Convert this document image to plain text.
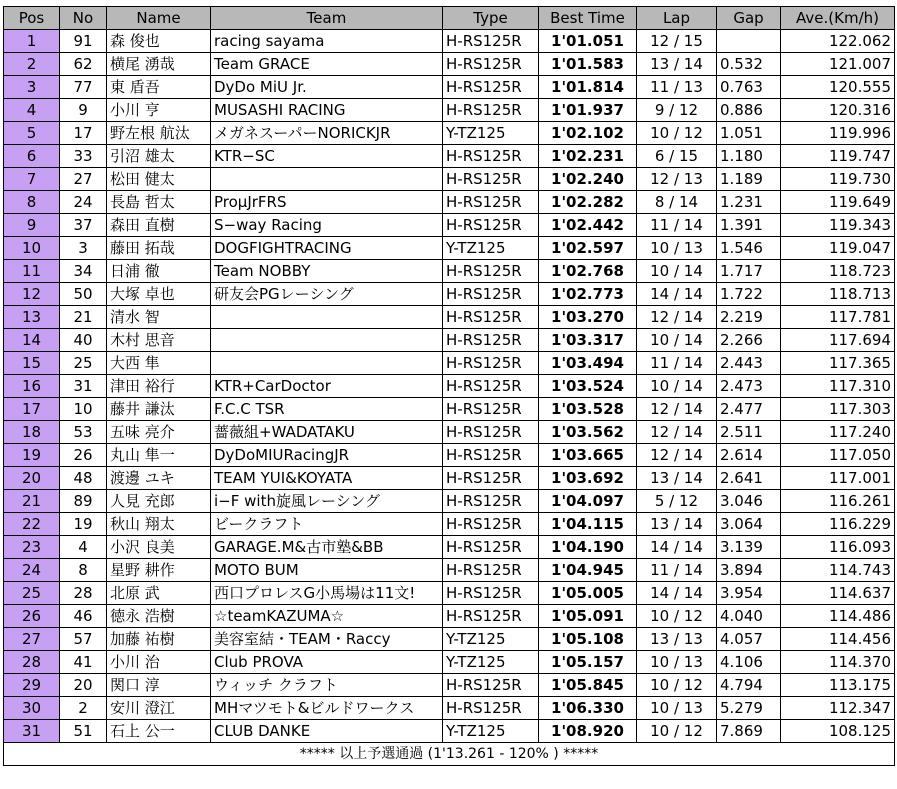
Pos	No	Name	Team	Type	Best Time	Lap	Gap	Ave.(Km/h)
1	91	森 俊也	racing sayama	H-RS125R	1'01.051	12 / 15		122.062
2	62	横尾 湧哉	Team GRACE	H-RS125R	1'01.583	13 / 14	0.532	121.007
3	77	東 盾吾	DyDo MiU Jr.	H-RS125R	1'01.814	11 / 13	0.763	120.555
4	9	小川 亨	MUSASHI RACING	H-RS125R	1'01.937	9 / 12	0.886	120.316
5	17	野左根 航汰	メガネスーパーNORICKJR	Y-TZ125	1'02.102	10 / 12	1.051	119.996
6	33	引沼 雄太	KTR−SC	H-RS125R	1'02.231	6 / 15	1.180	119.747
7	27	松田 健太		H-RS125R	1'02.240	12 / 13	1.189	119.730
8	24	長島 哲太	ProμJrFRS	H-RS125R	1'02.282	8 / 14	1.231	119.649
9	37	森田 直樹	S−way Racing	H-RS125R	1'02.442	11 / 14	1.391	119.343
10	3	藤田 拓哉	DOGFIGHTRACING	Y-TZ125	1'02.597	10 / 13	1.546	119.047
11	34	日浦 徹	Team NOBBY	H-RS125R	1'02.768	10 / 14	1.717	118.723
12	50	大塚 卓也	研友会PGレーシング	H-RS125R	1'02.773	14 / 14	1.722	118.713
13	21	清水 智		H-RS125R	1'03.270	12 / 14	2.219	117.781
14	40	木村 思音		H-RS125R	1'03.317	10 / 14	2.266	117.694
15	25	大西 隼		H-RS125R	1'03.494	11 / 14	2.443	117.365
16	31	津田 裕行	KTR+CarDoctor	H-RS125R	1'03.524	10 / 14	2.473	117.310
17	10	藤井 謙汰	F.C.C TSR	H-RS125R	1'03.528	12 / 14	2.477	117.303
18	53	五味 亮介	薔薇組+WADATAKU	H-RS125R	1'03.562	12 / 14	2.511	117.240
19	26	丸山 隼一	DyDoMIURacingJR	H-RS125R	1'03.665	12 / 14	2.614	117.050
20	48	渡邊 ユキ	TEAM YUI&KOYATA	H-RS125R	1'03.692	13 / 14	2.641	117.001
21	89	人見 充郎	i−F with旋風レーシング	H-RS125R	1'04.097	5 / 12	3.046	116.261
22	19	秋山 翔太	ビークラフト	H-RS125R	1'04.115	13 / 14	3.064	116.229
23	4	小沢 良美	GARAGE.M&古市塾&BB	H-RS125R	1'04.190	14 / 14	3.139	116.093
24	8	星野 耕作	MOTO BUM	H-RS125R	1'04.945	11 / 14	3.894	114.743
25	28	北原 武	西口プロレスG小馬場は11文!	H-RS125R	1'05.005	14 / 14	3.954	114.637
26	46	徳永 浩樹	☆teamKAZUMA☆	H-RS125R	1'05.091	10 / 12	4.040	114.486
27	57	加藤 祐樹	美容室結・TEAM・Raccy	Y-TZ125	1'05.108	13 / 13	4.057	114.456
28	41	小川 治	Club PROVA	Y-TZ125	1'05.157	10 / 13	4.106	114.370
29	20	関口 淳	ウィッチ クラフト	H-RS125R	1'05.845	10 / 12	4.794	113.175
30	2	安川 澄江	MHマツモト&ビルドワークス	H-RS125R	1'06.330	10 / 13	5.279	112.347
31	51	石上 公一	CLUB DANKE	Y-TZ125	1'08.920	10 / 12	7.869	108.125
***** 以上予選通過 (1'13.261 - 120% ) *****								
